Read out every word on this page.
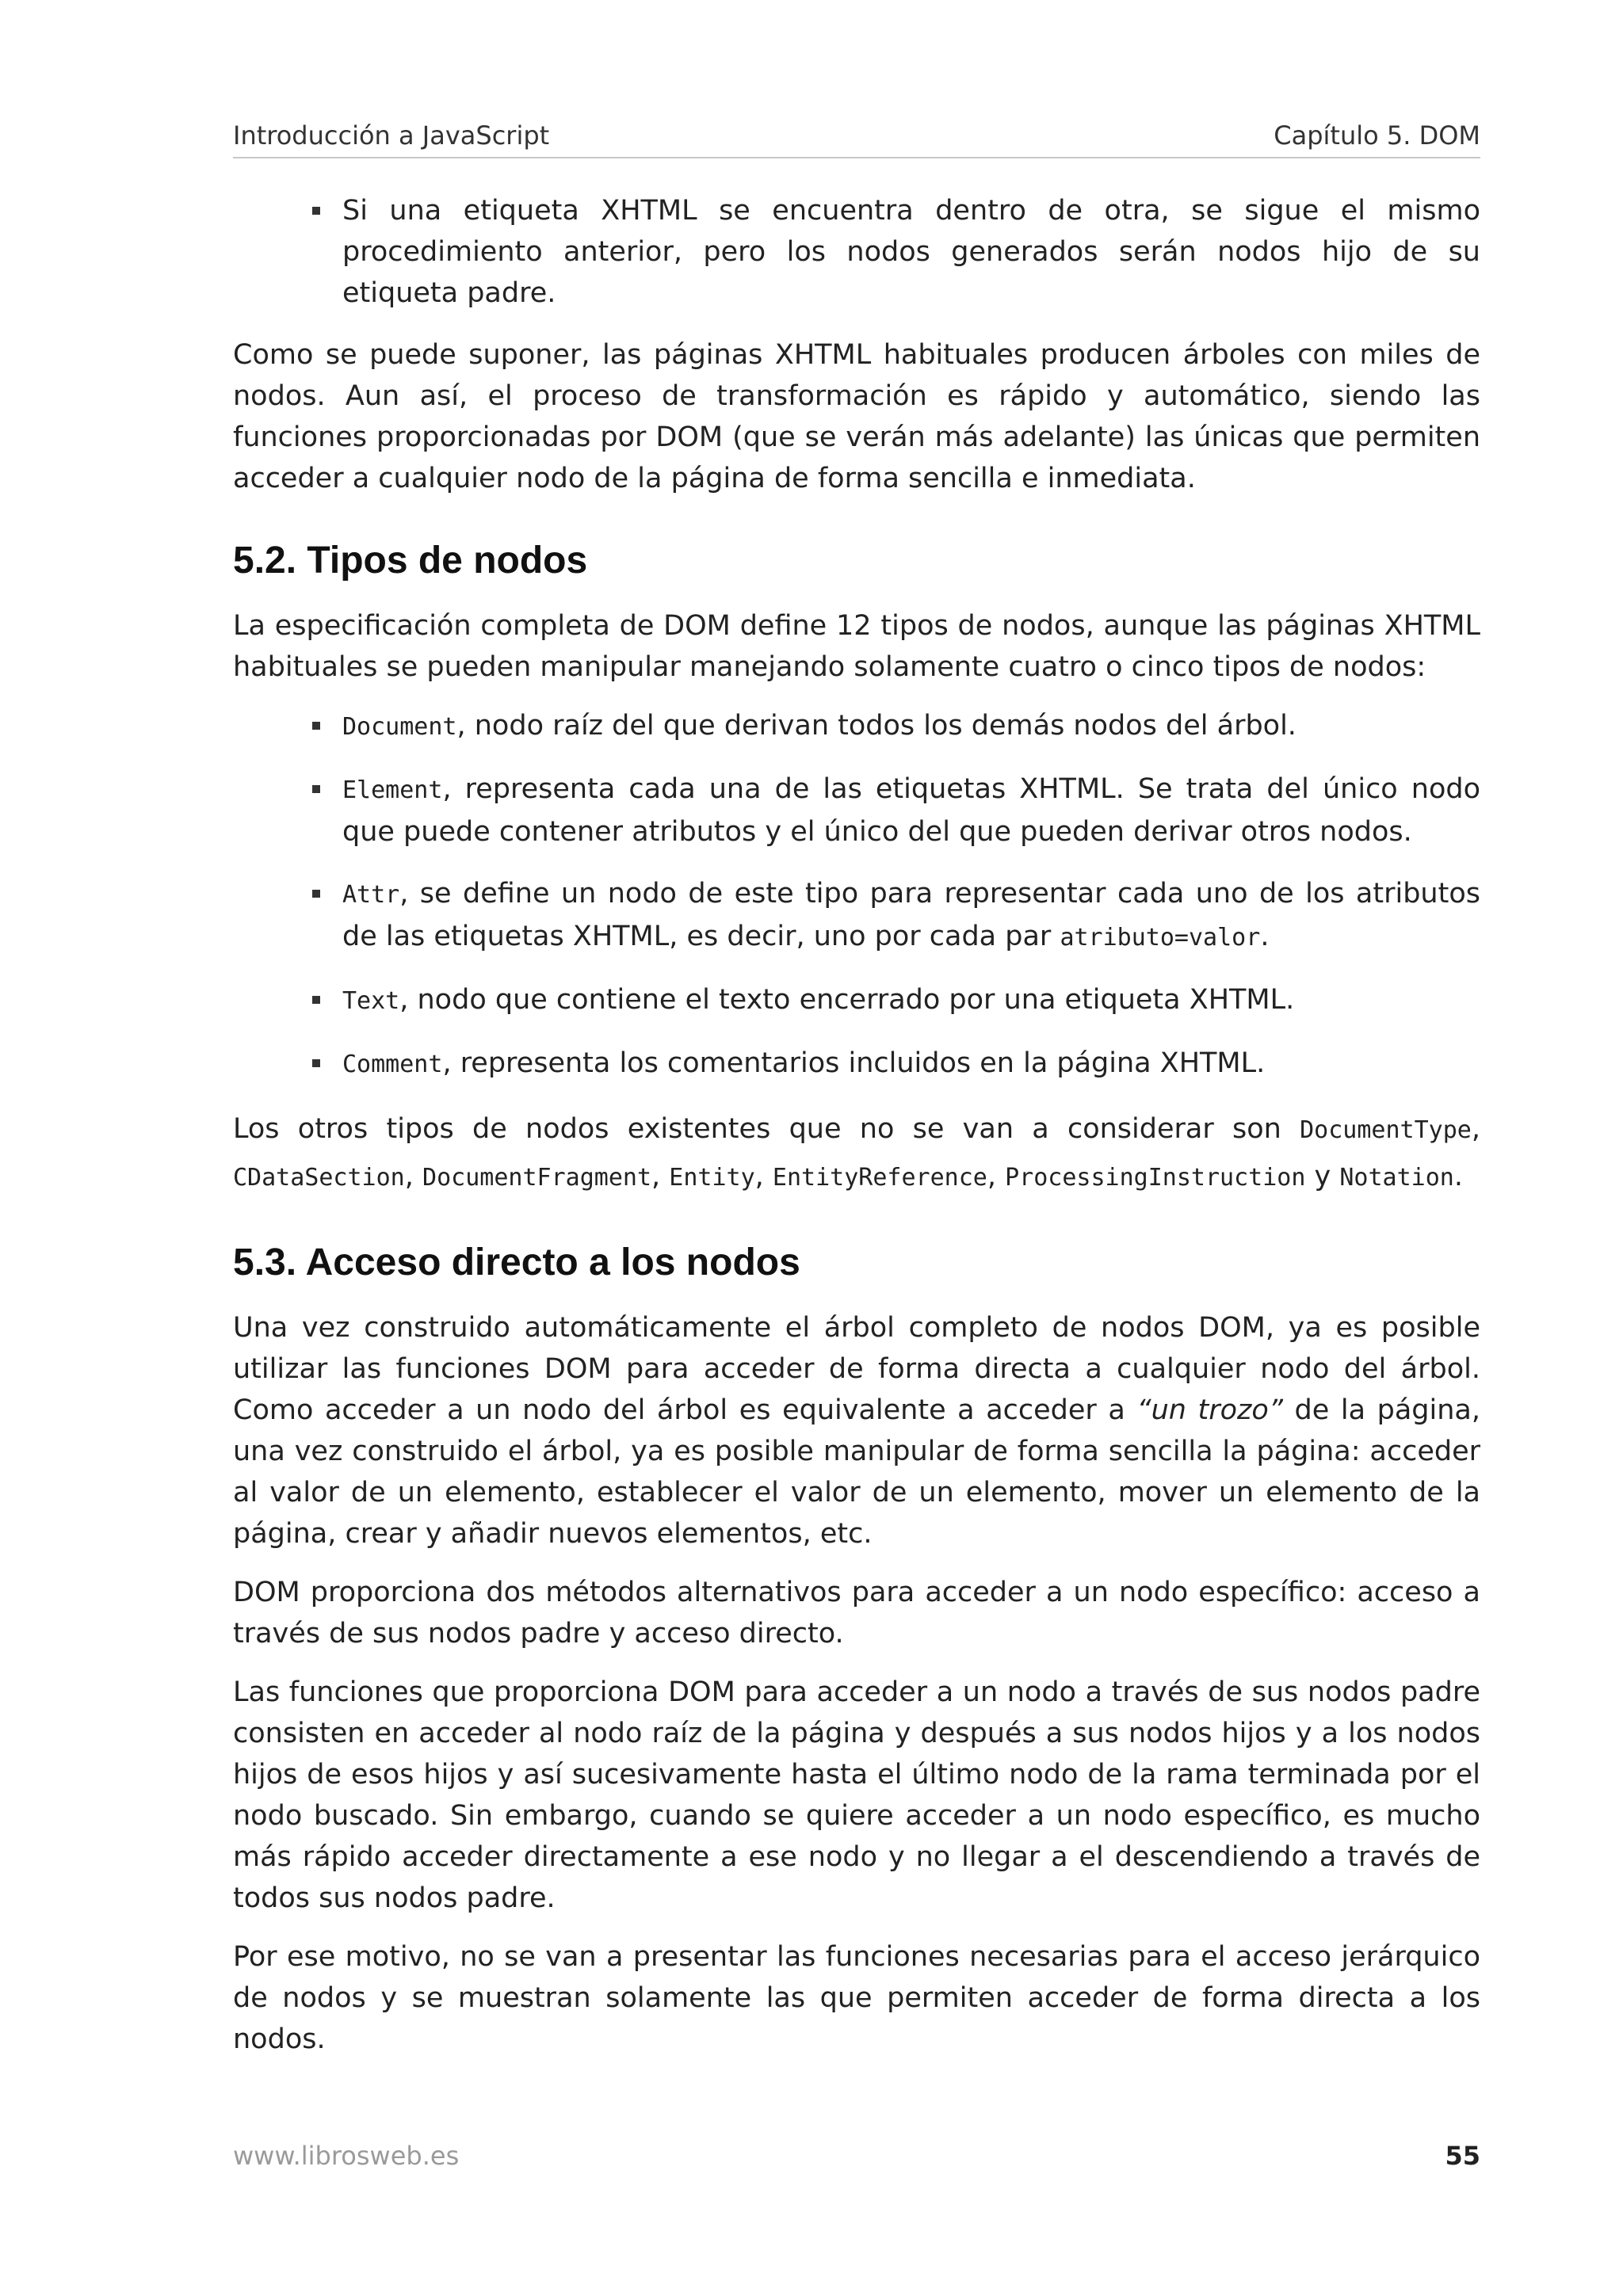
Introducción a JavaScript	Capítulo 5. DOM
Si una etiqueta XHTML se encuentra dentro de otra, se sigue el mismo procedimiento anterior, pero los nodos generados serán nodos hijo de su etiqueta padre.

Como se puede suponer, las páginas XHTML habituales producen árboles con miles de nodos. Aun así, el proceso de transformación es rápido y automático, siendo las funciones proporcionadas por DOM (que se verán más adelante) las únicas que permiten acceder a cualquier nodo de la página de forma sencilla e inmediata.

5.2. Tipos de nodos

La especificación completa de DOM define 12 tipos de nodos, aunque las páginas XHTML habituales se pueden manipular manejando solamente cuatro o cinco tipos de nodos:

Document, nodo raíz del que derivan todos los demás nodos del árbol.
Element, representa cada una de las etiquetas XHTML. Se trata del único nodo que puede contener atributos y el único del que pueden derivar otros nodos.
Attr, se define un nodo de este tipo para representar cada uno de los atributos de las etiquetas XHTML, es decir, uno por cada par atributo=valor.
Text, nodo que contiene el texto encerrado por una etiqueta XHTML.
Comment, representa los comentarios incluidos en la página XHTML.

Los otros tipos de nodos existentes que no se van a considerar son DocumentType, CDataSection, DocumentFragment, Entity, EntityReference, ProcessingInstruction y Notation.

5.3. Acceso directo a los nodos

Una vez construido automáticamente el árbol completo de nodos DOM, ya es posible utilizar las funciones DOM para acceder de forma directa a cualquier nodo del árbol. Como acceder a un nodo del árbol es equivalente a acceder a “un trozo” de la página, una vez construido el árbol, ya es posible manipular de forma sencilla la página: acceder al valor de un elemento, establecer el valor de un elemento, mover un elemento de la página, crear y añadir nuevos elementos, etc.

DOM proporciona dos métodos alternativos para acceder a un nodo específico: acceso a través de sus nodos padre y acceso directo.

Las funciones que proporciona DOM para acceder a un nodo a través de sus nodos padre consisten en acceder al nodo raíz de la página y después a sus nodos hijos y a los nodos hijos de esos hijos y así sucesivamente hasta el último nodo de la rama terminada por el nodo buscado. Sin embargo, cuando se quiere acceder a un nodo específico, es mucho más rápido acceder directamente a ese nodo y no llegar a el descendiendo a través de todos sus nodos padre.

Por ese motivo, no se van a presentar las funciones necesarias para el acceso jerárquico de nodos y se muestran solamente las que permiten acceder de forma directa a los nodos.

www.librosweb.es	55
